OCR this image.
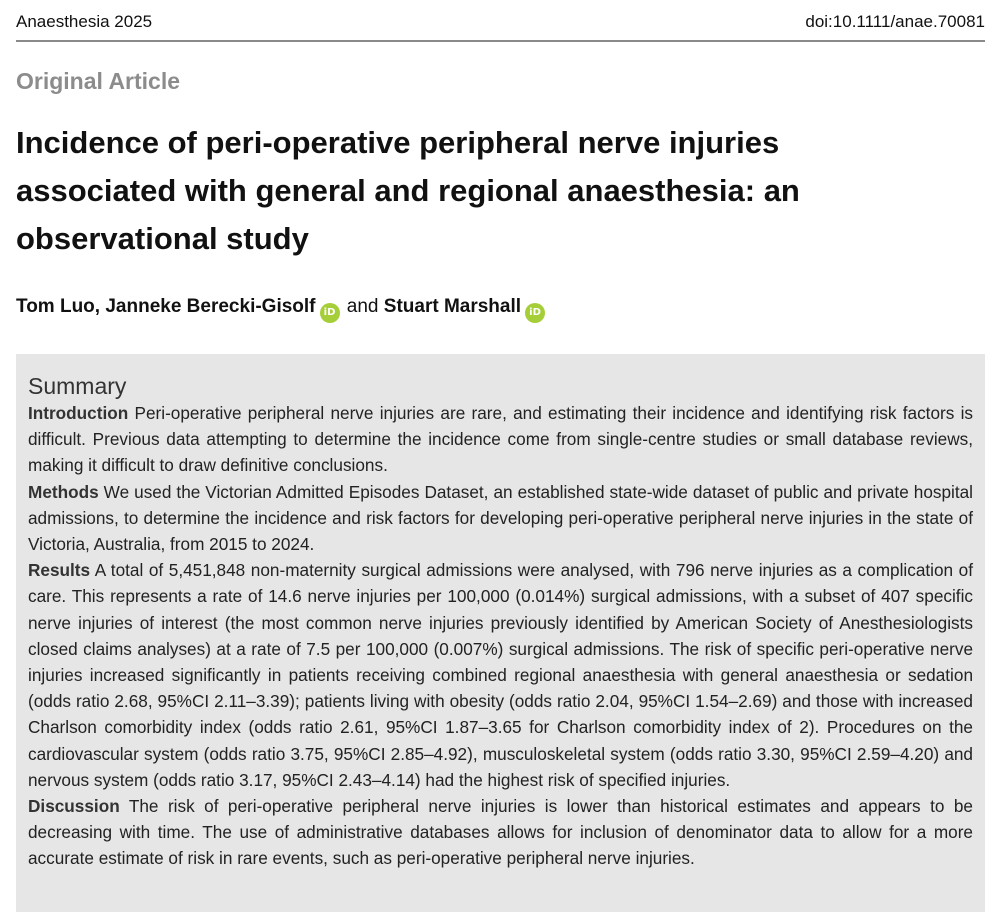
Anaesthesia 2025	doi:10.1111/anae.70081
Original Article
Incidence of peri-operative peripheral nerve injuries associated with general and regional anaesthesia: an observational study
Tom Luo, Janneke Berecki-Gisolf iD and Stuart Marshall iD
Summary

Introduction Peri-operative peripheral nerve injuries are rare, and estimating their incidence and identifying risk factors is difficult. Previous data attempting to determine the incidence come from single-centre studies or small database reviews, making it difficult to draw definitive conclusions.

Methods We used the Victorian Admitted Episodes Dataset, an established state-wide dataset of public and private hospital admissions, to determine the incidence and risk factors for developing peri-operative peripheral nerve injuries in the state of Victoria, Australia, from 2015 to 2024.

Results A total of 5,451,848 non-maternity surgical admissions were analysed, with 796 nerve injuries as a complication of care. This represents a rate of 14.6 nerve injuries per 100,000 (0.014%) surgical admissions, with a subset of 407 specific nerve injuries of interest (the most common nerve injuries previously identified by American Society of Anesthesiologists closed claims analyses) at a rate of 7.5 per 100,000 (0.007%) surgical admissions. The risk of specific peri-operative nerve injuries increased significantly in patients receiving combined regional anaesthesia with general anaesthesia or sedation (odds ratio 2.68, 95%CI 2.11–3.39); patients living with obesity (odds ratio 2.04, 95%CI 1.54–2.69) and those with increased Charlson comorbidity index (odds ratio 2.61, 95%CI 1.87–3.65 for Charlson comorbidity index of 2). Procedures on the cardiovascular system (odds ratio 3.75, 95%CI 2.85–4.92), musculoskeletal system (odds ratio 3.30, 95%CI 2.59–4.20) and nervous system (odds ratio 3.17, 95%CI 2.43–4.14) had the highest risk of specified injuries.

Discussion The risk of peri-operative peripheral nerve injuries is lower than historical estimates and appears to be decreasing with time. The use of administrative databases allows for inclusion of denominator data to allow for a more accurate estimate of risk in rare events, such as peri-operative peripheral nerve injuries.
